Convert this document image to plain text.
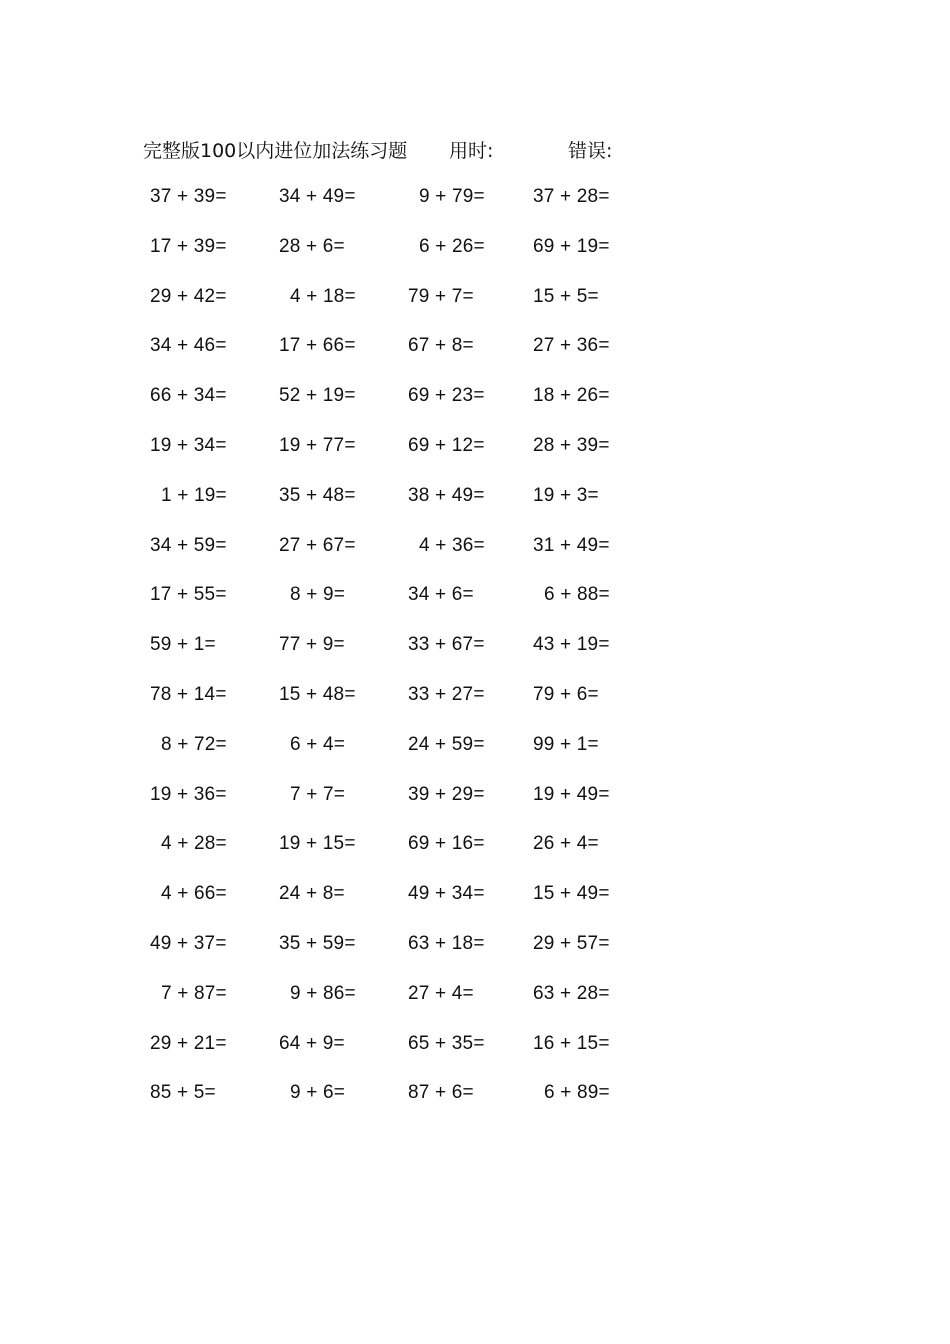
完整版100以内进位加法练习题 用时:	错误:
37 + 39=	34 + 49=	9 + 79=	37 + 28=
17 + 39=	28 + 6=	6 + 26=	69 + 19=
29 + 42=	4 + 18=	79 + 7=	15 + 5=
34 + 46=	17 + 66=	67 + 8=	27 + 36=
66 + 34=	52 + 19=	69 + 23=	18 + 26=
19 + 34=	19 + 77=	69 + 12=	28 + 39=
1 + 19=	35 + 48=	38 + 49=	19 + 3=
34 + 59=	27 + 67=	4 + 36=	31 + 49=
17 + 55=	8 + 9=	34 + 6=	6 + 88=
59 + 1=	77 + 9=	33 + 67=	43 + 19=
78 + 14=	15 + 48=	33 + 27=	79 + 6=
8 + 72=	6 + 4=	24 + 59=	99 + 1=
19 + 36=	7 + 7=	39 + 29=	19 + 49=
4 + 28=	19 + 15=	69 + 16=	26 + 4=
4 + 66=	24 + 8=	49 + 34=	15 + 49=
49 + 37=	35 + 59=	63 + 18=	29 + 57=
7 + 87=	9 + 86=	27 + 4=	63 + 28=
29 + 21=	64 + 9=	65 + 35=	16 + 15=
85 + 5=	9 + 6=	87 + 6=	6 + 89=
